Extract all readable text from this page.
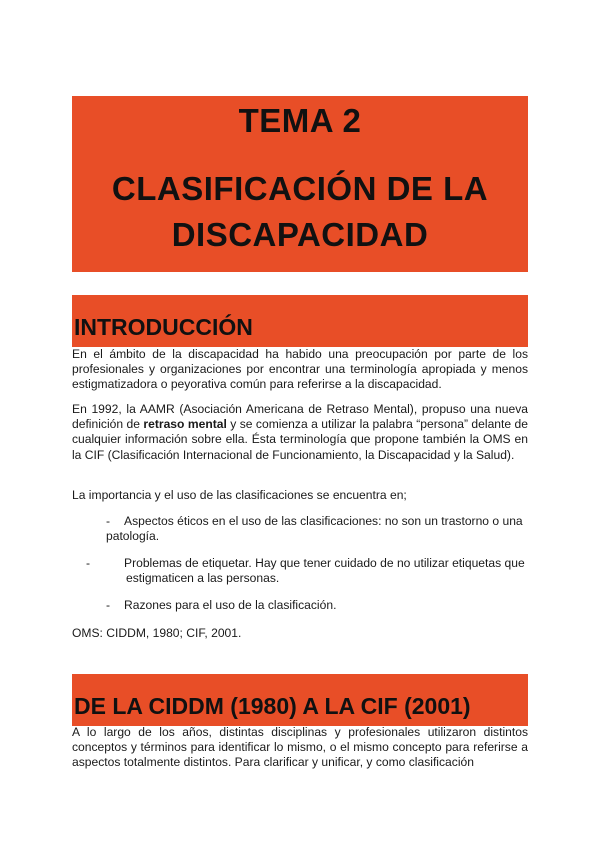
TEMA 2
CLASIFICACIÓN DE LA
DISCAPACIDAD
INTRODUCCIÓN

En el ámbito de la discapacidad ha habido una preocupación por parte de los profesionales y organizaciones por encontrar una terminología apropiada y menos estigmatizadora o peyorativa común para referirse a la discapacidad.

En 1992, la AAMR (Asociación Americana de Retraso Mental), propuso una nueva definición de retraso mental y se comienza a utilizar la palabra “persona” delante de cualquier información sobre ella. Ésta terminología que propone también la OMS en la CIF (Clasificación Internacional de Funcionamiento, la Discapacidad y la Salud).

La importancia y el uso de las clasificaciones se encuentra en;

- Aspectos éticos en el uso de las clasificaciones: no son un trastorno o una patología.

-	Problemas de etiquetar. Hay que tener cuidado de no utilizar etiquetas que estigmaticen a las personas.

- Razones para el uso de la clasificación.

OMS: CIDDM, 1980; CIF, 2001.

DE LA CIDDM (1980) A LA CIF (2001)

A lo largo de los años, distintas disciplinas y profesionales utilizaron distintos conceptos y términos para identificar lo mismo, o el mismo concepto para referirse a aspectos totalmente distintos. Para clarificar y unificar, y como clasificación
